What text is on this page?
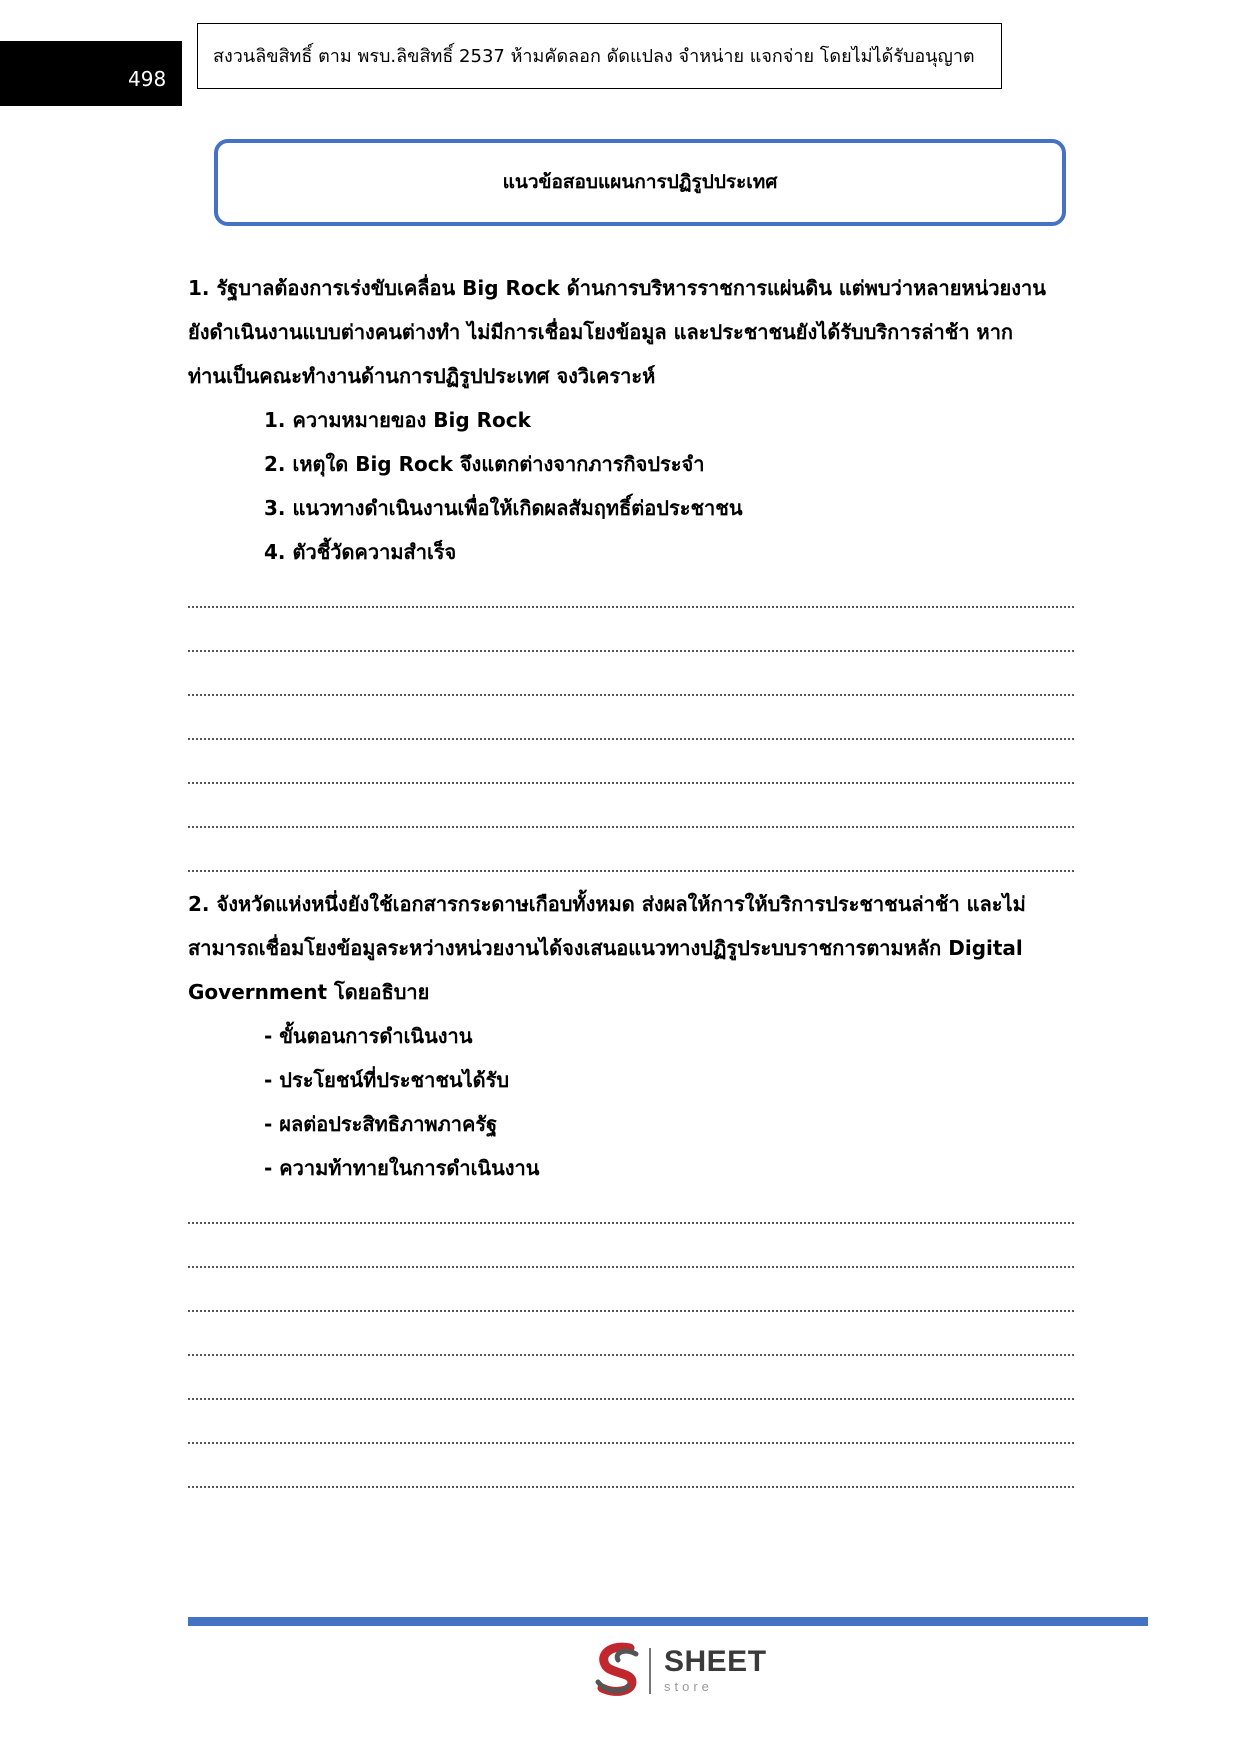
498
สงวนลิขสิทธิ์ ตาม พรบ.ลิขสิทธิ์ 2537 ห้ามคัดลอก ดัดแปลง จำหน่าย แจกจ่าย โดยไม่ได้รับอนุญาต
แนวข้อสอบแผนการปฏิรูปประเทศ
1. รัฐบาลต้องการเร่งขับเคลื่อน Big Rock ด้านการบริหารราชการแผ่นดิน แต่พบว่าหลายหน่วยงาน
ยังดำเนินงานแบบต่างคนต่างทำ ไม่มีการเชื่อมโยงข้อมูล และประชาชนยังได้รับบริการล่าช้า หาก
ท่านเป็นคณะทำงานด้านการปฏิรูปประเทศ จงวิเคราะห์
1. ความหมายของ Big Rock
2. เหตุใด Big Rock จึงแตกต่างจากภารกิจประจำ
3. แนวทางดำเนินงานเพื่อให้เกิดผลสัมฤทธิ์ต่อประชาชน
4. ตัวชี้วัดความสำเร็จ
2. จังหวัดแห่งหนึ่งยังใช้เอกสารกระดาษเกือบทั้งหมด ส่งผลให้การให้บริการประชาชนล่าช้า และไม่
สามารถเชื่อมโยงข้อมูลระหว่างหน่วยงานได้จงเสนอแนวทางปฏิรูประบบราชการตามหลัก Digital
Government โดยอธิบาย
- ขั้นตอนการดำเนินงาน
- ประโยชน์ที่ประชาชนได้รับ
- ผลต่อประสิทธิภาพภาครัฐ
- ความท้าทายในการดำเนินงาน
SHEET
store
